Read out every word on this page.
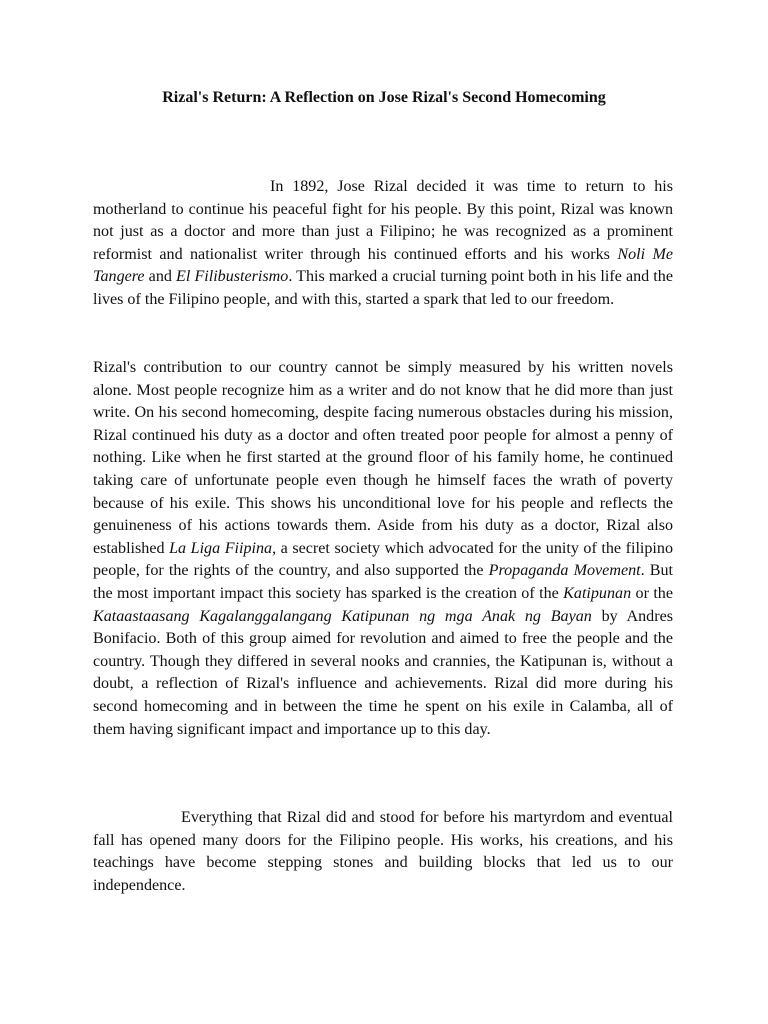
Rizal's Return: A Reflection on Jose Rizal's Second Homecoming

In 1892, Jose Rizal decided it was time to return to his motherland to continue his peaceful fight for his people. By this point, Rizal was known not just as a doctor and more than just a Filipino; he was recognized as a prominent reformist and nationalist writer through his continued efforts and his works Noli Me Tangere and El Filibusterismo. This marked a crucial turning point both in his life and the lives of the Filipino people, and with this, started a spark that led to our freedom.

Rizal's contribution to our country cannot be simply measured by his written novels alone. Most people recognize him as a writer and do not know that he did more than just write. On his second homecoming, despite facing numerous obstacles during his mission, Rizal continued his duty as a doctor and often treated poor people for almost a penny of nothing. Like when he first started at the ground floor of his family home, he continued taking care of unfortunate people even though he himself faces the wrath of poverty because of his exile. This shows his unconditional love for his people and reflects the genuineness of his actions towards them. Aside from his duty as a doctor, Rizal also established La Liga Fiipina, a secret society which advocated for the unity of the filipino people, for the rights of the country, and also supported the Propaganda Movement. But the most important impact this society has sparked is the creation of the Katipunan or the Kataastaasang Kagalanggalangang Katipunan ng mga Anak ng Bayan by Andres Bonifacio. Both of this group aimed for revolution and aimed to free the people and the country. Though they differed in several nooks and crannies, the Katipunan is, without a doubt, a reflection of Rizal's influence and achievements. Rizal did more during his second homecoming and in between the time he spent on his exile in Calamba, all of them having significant impact and importance up to this day.

Everything that Rizal did and stood for before his martyrdom and eventual fall has opened many doors for the Filipino people. His works, his creations, and his teachings have become stepping stones and building blocks that led us to our independence.
